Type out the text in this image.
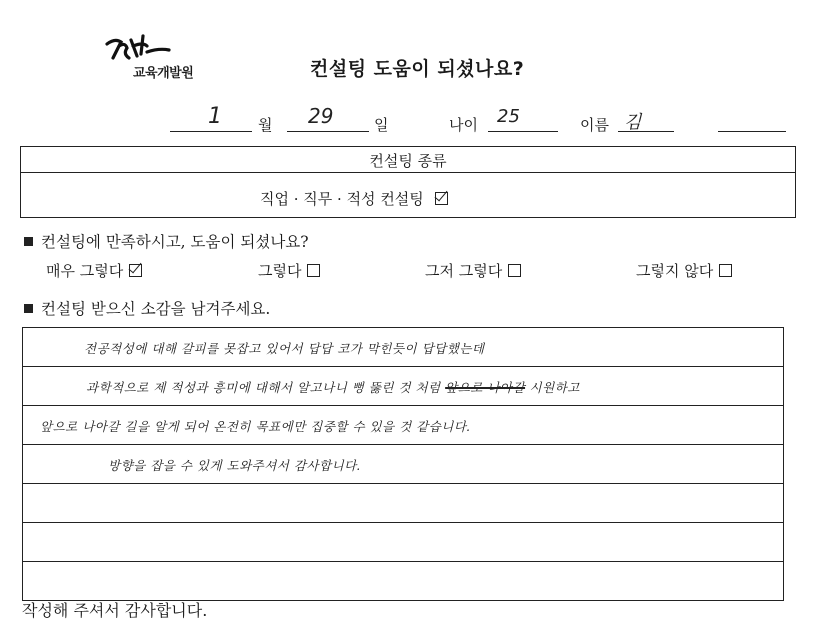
교육개발원	컨설팅 도움이 되셨나요?
1 월 29	일	나이 25	이름 김
컨설팅 종류
직업 · 직무 · 적성 컨설팅
컨설팅에 만족하시고, 도움이 되셨나요?
매우 그렇다	그렇다	그저 그렇다	그렇지 않다
컨설팅 받으신 소감을 남겨주세요.
전공적성에 대해 갈피를 못잡고 있어서 답답 코가 막힌듯이 답답했는데
과학적으로 제 적성과 흥미에 대해서 알고나니 뻥 뚫린 것 처럼 앞으로 나아갈 시원하고
앞으로 나아갈 길을 알게 되어 온전히 목표에만 집중할 수 있을 것 같습니다.
방향을 잡을 수 있게 도와주셔서 감사합니다.
작성해 주셔서 감사합니다.
